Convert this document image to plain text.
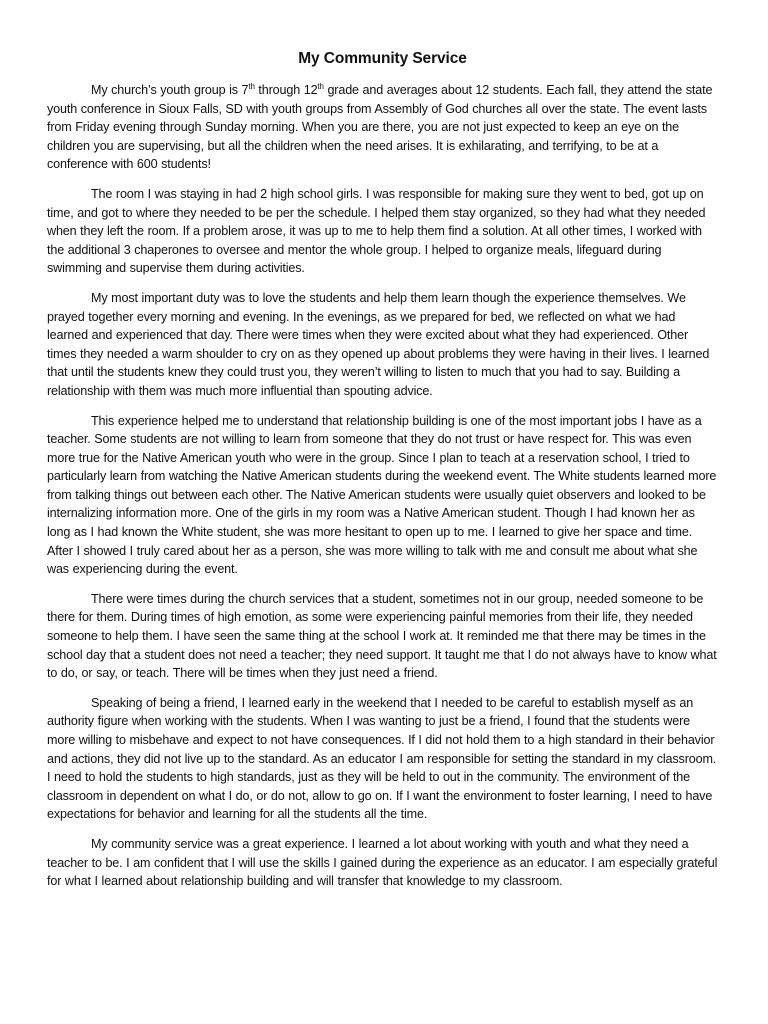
My Community Service

My church’s youth group is 7th through 12th grade and averages about 12 students. Each fall, they attend the state youth conference in Sioux Falls, SD with youth groups from Assembly of God churches all over the state. The event lasts from Friday evening through Sunday morning. When you are there, you are not just expected to keep an eye on the children you are supervising, but all the children when the need arises. It is exhilarating, and terrifying, to be at a conference with 600 students!

The room I was staying in had 2 high school girls. I was responsible for making sure they went to bed, got up on time, and got to where they needed to be per the schedule. I helped them stay organized, so they had what they needed when they left the room. If a problem arose, it was up to me to help them find a solution. At all other times, I worked with the additional 3 chaperones to oversee and mentor the whole group. I helped to organize meals, lifeguard during swimming and supervise them during activities.

My most important duty was to love the students and help them learn though the experience themselves. We prayed together every morning and evening. In the evenings, as we prepared for bed, we reflected on what we had learned and experienced that day. There were times when they were excited about what they had experienced. Other times they needed a warm shoulder to cry on as they opened up about problems they were having in their lives. I learned that until the students knew they could trust you, they weren’t willing to listen to much that you had to say. Building a relationship with them was much more influential than spouting advice.

This experience helped me to understand that relationship building is one of the most important jobs I have as a teacher. Some students are not willing to learn from someone that they do not trust or have respect for. This was even more true for the Native American youth who were in the group. Since I plan to teach at a reservation school, I tried to particularly learn from watching the Native American students during the weekend event. The White students learned more from talking things out between each other. The Native American students were usually quiet observers and looked to be internalizing information more. One of the girls in my room was a Native American student. Though I had known her as long as I had known the White student, she was more hesitant to open up to me. I learned to give her space and time. After I showed I truly cared about her as a person, she was more willing to talk with me and consult me about what she was experiencing during the event.

There were times during the church services that a student, sometimes not in our group, needed someone to be there for them. During times of high emotion, as some were experiencing painful memories from their life, they needed someone to help them. I have seen the same thing at the school I work at. It reminded me that there may be times in the school day that a student does not need a teacher; they need support. It taught me that I do not always have to know what to do, or say, or teach. There will be times when they just need a friend.

Speaking of being a friend, I learned early in the weekend that I needed to be careful to establish myself as an authority figure when working with the students. When I was wanting to just be a friend, I found that the students were more willing to misbehave and expect to not have consequences. If I did not hold them to a high standard in their behavior and actions, they did not live up to the standard. As an educator I am responsible for setting the standard in my classroom. I need to hold the students to high standards, just as they will be held to out in the community. The environment of the classroom in dependent on what I do, or do not, allow to go on. If I want the environment to foster learning, I need to have expectations for behavior and learning for all the students all the time.

My community service was a great experience. I learned a lot about working with youth and what they need a teacher to be. I am confident that I will use the skills I gained during the experience as an educator. I am especially grateful for what I learned about relationship building and will transfer that knowledge to my classroom.
